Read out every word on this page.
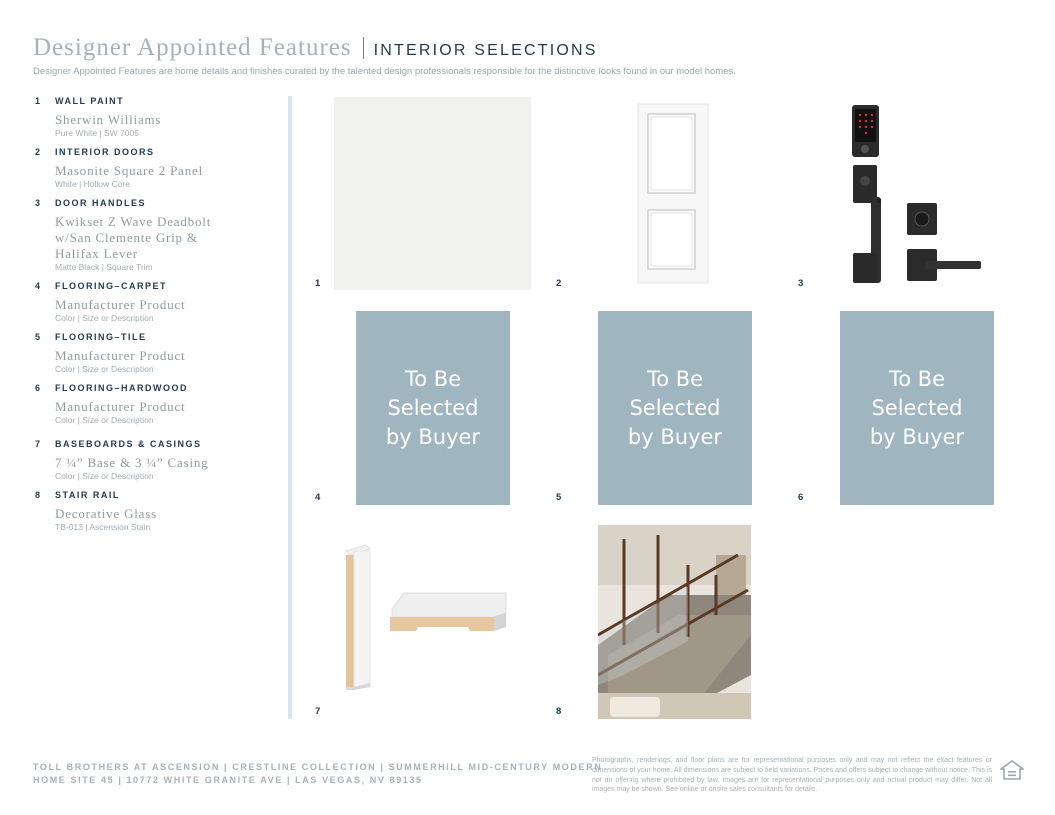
Designer Appointed Features INTERIOR SELECTIONS
Designer Appointed Features are home details and finishes curated by the talented design professionals responsible for the distinctive looks found in our model homes.
1	WALL PAINT
Sherwin Williams
Pure White | SW 7005
2	INTERIOR DOORS
Masonite Square 2 Panel
White | Hollow Core
3	DOOR HANDLES
Kwikset Z Wave Deadbolt w/San Clemente Grip & Halifax Lever
Matte Black | Square Trim
4	FLOORING–CARPET
Manufacturer Product
Color | Size or Description
5	FLOORING–TILE
Manufacturer Product
Color | Size or Description
6	FLOORING–HARDWOOD
Manufacturer Product
Color | Size or Description
7	BASEBOARDS & CASINGS
7 ¼” Base & 3 ¼” Casing
Color | Size or Description
8	STAIR RAIL
Decorative Glass
TB-013 | Ascension Stain
1	2	3
To Be
Selected
by Buyer
4
To Be
Selected
by Buyer
5
To Be
Selected
by Buyer
6
7	8
TOLL BROTHERS AT ASCENSION | CRESTLINE COLLECTION | SUMMERHILL MID-CENTURY MODERN
HOME SITE 45 | 10772 WHITE GRANITE AVE | LAS VEGAS, NV 89135
Photographs, renderings, and floor plans are for representational purposes only and may not reflect the exact features or dimensions of your home. All dimensions are subject to field variations. Prices and offers subject to change without notice. This is not an offering where prohibited by law. Images are for representational purposes only and actual product may differ. Not all images may be shown. See online or onsite sales consultants for details.
